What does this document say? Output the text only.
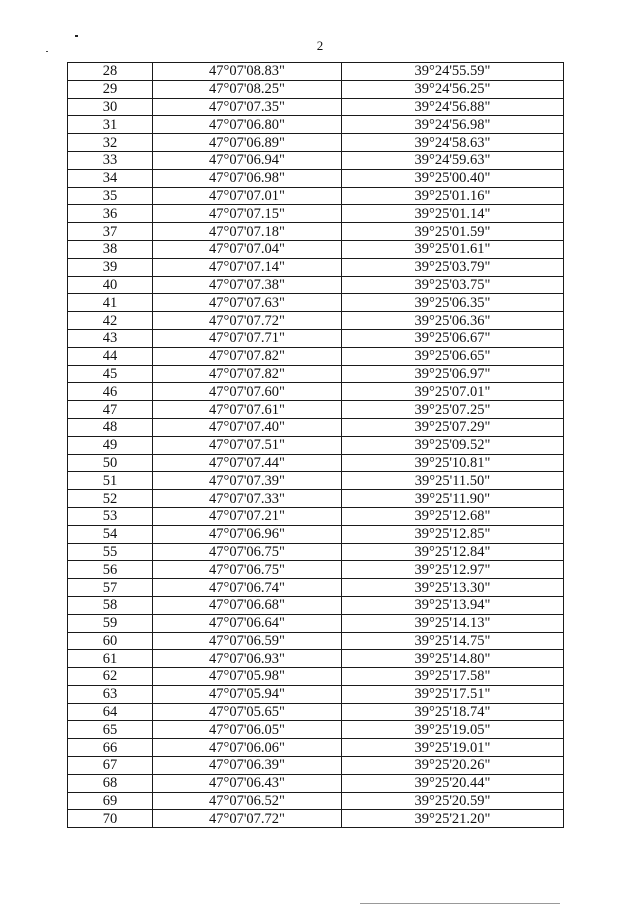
2
28	47°07'08.83"	39°24'55.59"
29	47°07'08.25"	39°24'56.25"
30	47°07'07.35"	39°24'56.88"
31	47°07'06.80"	39°24'56.98"
32	47°07'06.89"	39°24'58.63"
33	47°07'06.94"	39°24'59.63"
34	47°07'06.98"	39°25'00.40"
35	47°07'07.01"	39°25'01.16"
36	47°07'07.15"	39°25'01.14"
37	47°07'07.18"	39°25'01.59"
38	47°07'07.04"	39°25'01.61"
39	47°07'07.14"	39°25'03.79"
40	47°07'07.38"	39°25'03.75"
41	47°07'07.63"	39°25'06.35"
42	47°07'07.72"	39°25'06.36"
43	47°07'07.71"	39°25'06.67"
44	47°07'07.82"	39°25'06.65"
45	47°07'07.82"	39°25'06.97"
46	47°07'07.60"	39°25'07.01"
47	47°07'07.61"	39°25'07.25"
48	47°07'07.40"	39°25'07.29"
49	47°07'07.51"	39°25'09.52"
50	47°07'07.44"	39°25'10.81"
51	47°07'07.39"	39°25'11.50"
52	47°07'07.33"	39°25'11.90"
53	47°07'07.21"	39°25'12.68"
54	47°07'06.96"	39°25'12.85"
55	47°07'06.75"	39°25'12.84"
56	47°07'06.75"	39°25'12.97"
57	47°07'06.74"	39°25'13.30"
58	47°07'06.68"	39°25'13.94"
59	47°07'06.64"	39°25'14.13"
60	47°07'06.59"	39°25'14.75"
61	47°07'06.93"	39°25'14.80"
62	47°07'05.98"	39°25'17.58"
63	47°07'05.94"	39°25'17.51"
64	47°07'05.65"	39°25'18.74"
65	47°07'06.05"	39°25'19.05"
66	47°07'06.06"	39°25'19.01"
67	47°07'06.39"	39°25'20.26"
68	47°07'06.43"	39°25'20.44"
69	47°07'06.52"	39°25'20.59"
70	47°07'07.72"	39°25'21.20"
